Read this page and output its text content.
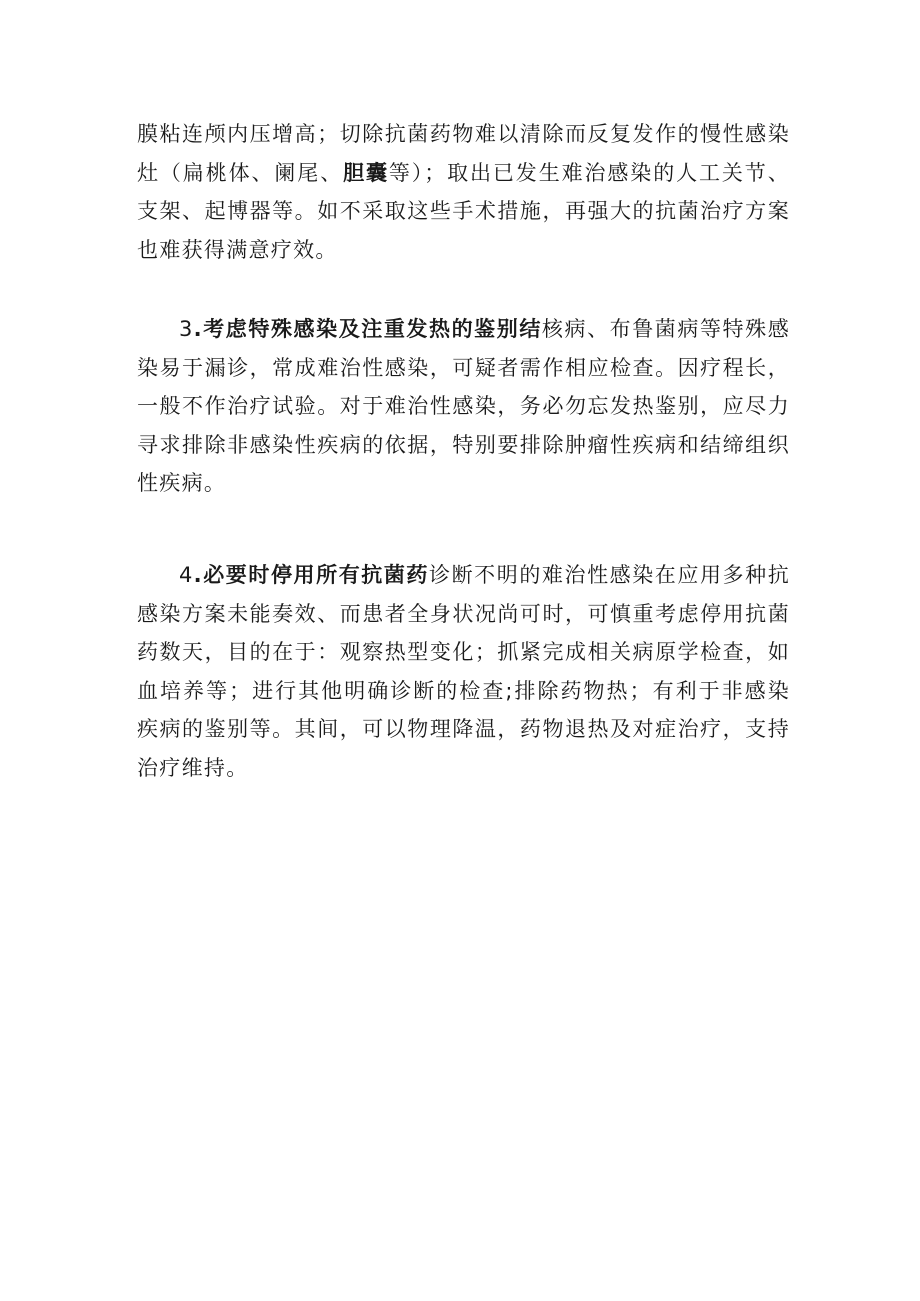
膜粘连颅内压增高；切除抗菌药物难以清除而反复发作的慢性感染灶（扁桃体、阑尾、胆囊等）；取出已发生难治感染的人工关节、支架、起博器等。如不采取这些手术措施，再强大的抗菌治疗方案也难获得满意疗效。

3.考虑特殊感染及注重发热的鉴别结核病、布鲁菌病等特殊感染易于漏诊，常成难治性感染，可疑者需作相应检查。因疗程长，一般不作治疗试验。对于难治性感染，务必勿忘发热鉴别，应尽力寻求排除非感染性疾病的依据，特别要排除肿瘤性疾病和结缔组织性疾病。

4.必要时停用所有抗菌药诊断不明的难治性感染在应用多种抗感染方案未能奏效、而患者全身状况尚可时，可慎重考虑停用抗菌药数天，目的在于：观察热型变化；抓紧完成相关病原学检查，如血培养等；进行其他明确诊断的检查;排除药物热；有利于非感染疾病的鉴别等。其间，可以物理降温，药物退热及对症治疗，支持治疗维持。
